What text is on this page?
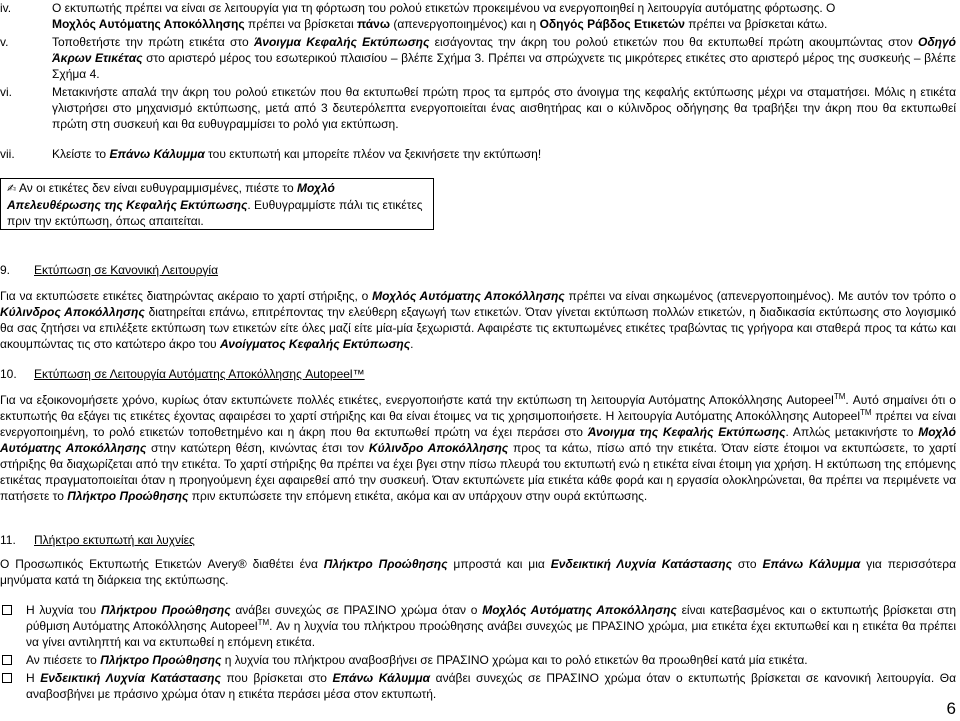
iv.	Ο εκτυπωτής πρέπει να είναι σε λειτουργία για τη φόρτωση του ρολού ετικετών προκειμένου να ενεργοποιηθεί η λειτουργία αυτόματης φόρτωσης. Ο
Μοχλός Αυτόματης Αποκόλλησης πρέπει να βρίσκεται πάνω (απενεργοποιημένος) και η Οδηγός Ράβδος Ετικετών πρέπει να βρίσκεται κάτω.
v.	Τοποθετήστε την πρώτη ετικέτα στο Άνοιγμα Κεφαλής Εκτύπωσης εισάγοντας την άκρη του ρολού ετικετών που θα εκτυπωθεί πρώτη ακουμπώντας στον Οδηγό Άκρων Ετικέτας στο αριστερό μέρος του εσωτερικού πλαισίου – βλέπε Σχήμα 3. Πρέπει να σπρώχνετε τις μικρότερες ετικέτες στο αριστερό μέρος της συσκευής – βλέπε Σχήμα 4.
vi.	Μετακινήστε απαλά την άκρη του ρολού ετικετών που θα εκτυπωθεί πρώτη προς τα εμπρός στο άνοιγμα της κεφαλής εκτύπωσης μέχρι να σταματήσει. Μόλις η ετικέτα γλιστρήσει στο μηχανισμό εκτύπωσης, μετά από 3 δευτερόλεπτα ενεργοποιείται ένας αισθητήρας και ο κύλινδρος οδήγησης θα τραβήξει την άκρη που θα εκτυπωθεί πρώτη στη συσκευή και θα ευθυγραμμίσει το ρολό για εκτύπωση.
vii.	Κλείστε το Επάνω Κάλυμμα του εκτυπωτή και μπορείτε πλέον να ξεκινήσετε την εκτύπωση!
✍ Αν οι ετικέτες δεν είναι ευθυγραμμισμένες, πιέστε το Μοχλό Απελευθέρωσης της Κεφαλής Εκτύπωσης. Ευθυγραμμίστε πάλι τις ετικέτες πριν την εκτύπωση, όπως απαιτείται.
9. Εκτύπωση σε Κανονική Λειτουργία
Για να εκτυπώσετε ετικέτες διατηρώντας ακέραιο το χαρτί στήριξης, ο Μοχλός Αυτόματης Αποκόλλησης πρέπει να είναι σηκωμένος (απενεργοποιημένος). Με αυτόν τον τρόπο ο Κύλινδρος Αποκόλλησης διατηρείται επάνω, επιτρέποντας την ελεύθερη εξαγωγή των ετικετών. Όταν γίνεται εκτύπωση πολλών ετικετών, η διαδικασία εκτύπωσης στο λογισμικό θα σας ζητήσει να επιλέξετε εκτύπωση των ετικετών είτε όλες μαζί είτε μία-μία ξεχωριστά. Αφαιρέστε τις εκτυπωμένες ετικέτες τραβώντας τις γρήγορα και σταθερά προς τα κάτω και ακουμπώντας τις στο κατώτερο άκρο του Ανοίγματος Κεφαλής Εκτύπωσης.
10. Εκτύπωση σε Λειτουργία Αυτόματης Αποκόλλησης Autopeel™
Για να εξοικονομήσετε χρόνο, κυρίως όταν εκτυπώνετε πολλές ετικέτες, ενεργοποιήστε κατά την εκτύπωση τη λειτουργία Αυτόματης Αποκόλλησης Autopeel™. Αυτό σημαίνει ότι ο εκτυπωτής θα εξάγει τις ετικέτες έχοντας αφαιρέσει το χαρτί στήριξης και θα είναι έτοιμες να τις χρησιμοποιήσετε. Η λειτουργία Αυτόματης Αποκόλλησης Autopeel™ πρέπει να είναι ενεργοποιημένη, το ρολό ετικετών τοποθετημένο και η άκρη που θα εκτυπωθεί πρώτη να έχει περάσει στο Άνοιγμα της Κεφαλής Εκτύπωσης. Απλώς μετακινήστε το Μοχλό Αυτόματης Αποκόλλησης στην κατώτερη θέση, κινώντας έτσι τον Κύλινδρο Αποκόλλησης προς τα κάτω, πίσω από την ετικέτα. Όταν είστε έτοιμοι να εκτυπώσετε, το χαρτί στήριξης θα διαχωρίζεται από την ετικέτα. Το χαρτί στήριξης θα πρέπει να έχει βγει στην πίσω πλευρά του εκτυπωτή ενώ η ετικέτα είναι έτοιμη για χρήση. Η εκτύπωση της επόμενης ετικέτας πραγματοποιείται όταν η προηγούμενη έχει αφαιρεθεί από την συσκευή. Όταν εκτυπώνετε μία ετικέτα κάθε φορά και η εργασία ολοκληρώνεται, θα πρέπει να περιμένετε να πατήσετε το Πλήκτρο Προώθησης πριν εκτυπώσετε την επόμενη ετικέτα, ακόμα και αν υπάρχουν στην ουρά εκτύπωσης.
11. Πλήκτρο εκτυπωτή και λυχνίες
Ο Προσωπικός Εκτυπωτής Ετικετών Avery® διαθέτει ένα Πλήκτρο Προώθησης μπροστά και μια Ενδεικτική Λυχνία Κατάστασης στο Επάνω Κάλυμμα για περισσότερα μηνύματα κατά τη διάρκεια της εκτύπωσης.
Η λυχνία του Πλήκτρου Προώθησης ανάβει συνεχώς σε ΠΡΑΣΙΝΟ χρώμα όταν ο Μοχλός Αυτόματης Αποκόλλησης είναι κατεβασμένος και ο εκτυπωτής βρίσκεται στη ρύθμιση Αυτόματης Αποκόλλησης Autopeel™. Αν η λυχνία του πλήκτρου προώθησης ανάβει συνεχώς με ΠΡΑΣΙΝΟ χρώμα, μια ετικέτα έχει εκτυπωθεί και η ετικέτα θα πρέπει να γίνει αντιληπτή και να εκτυπωθεί η επόμενη ετικέτα.
Αν πιέσετε το Πλήκτρο Προώθησης η λυχνία του πλήκτρου αναβοσβήνει σε ΠΡΑΣΙΝΟ χρώμα και το ρολό ετικετών θα προωθηθεί κατά μία ετικέτα.
Η Ενδεικτική Λυχνία Κατάστασης που βρίσκεται στο Επάνω Κάλυμμα ανάβει συνεχώς σε ΠΡΑΣΙΝΟ χρώμα όταν ο εκτυπωτής βρίσκεται σε κανονική λειτουργία. Θα αναβοσβήνει με πράσινο χρώμα όταν η ετικέτα περάσει μέσα στον εκτυπωτή.
6
